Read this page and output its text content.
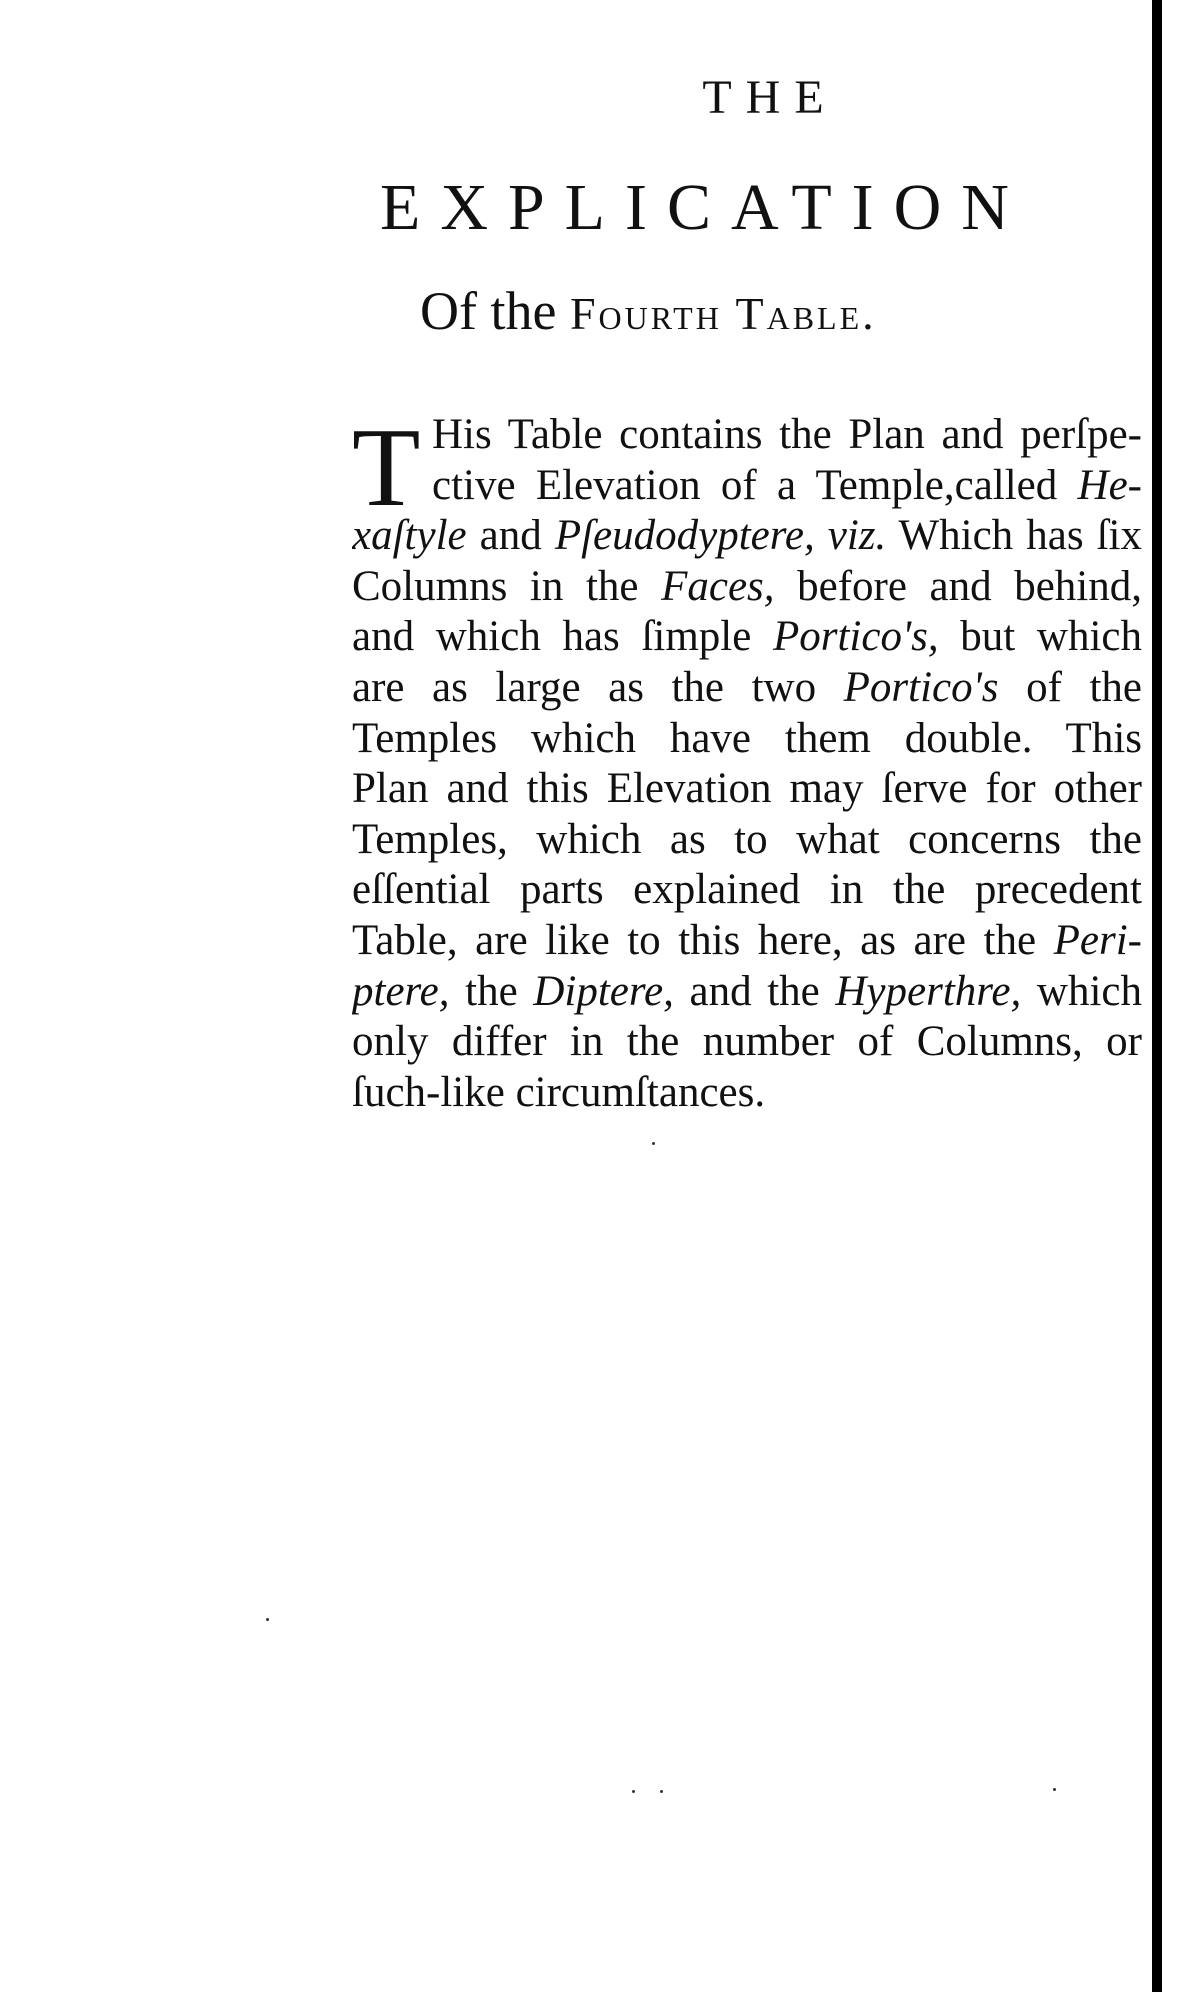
THE
EXPLICATION
Of the Fourth Table.
T His Table contains the Plan and perſpe-
ctive Elevation of a Temple,called He-
xaſtyle and Pſeudodyptere, viz. Which has ſix
Columns in the Faces, before and behind,
and which has ſimple Portico's, but which
are as large as the two Portico's of the
Temples which have them double. This
Plan and this Elevation may ſerve for other
Temples, which as to what concerns the
eſſential parts explained in the precedent
Table, are like to this here, as are the Peri-
ptere, the Diptere, and the Hyperthre, which
only differ in the number of Columns, or
ſuch-like circumſtances.
